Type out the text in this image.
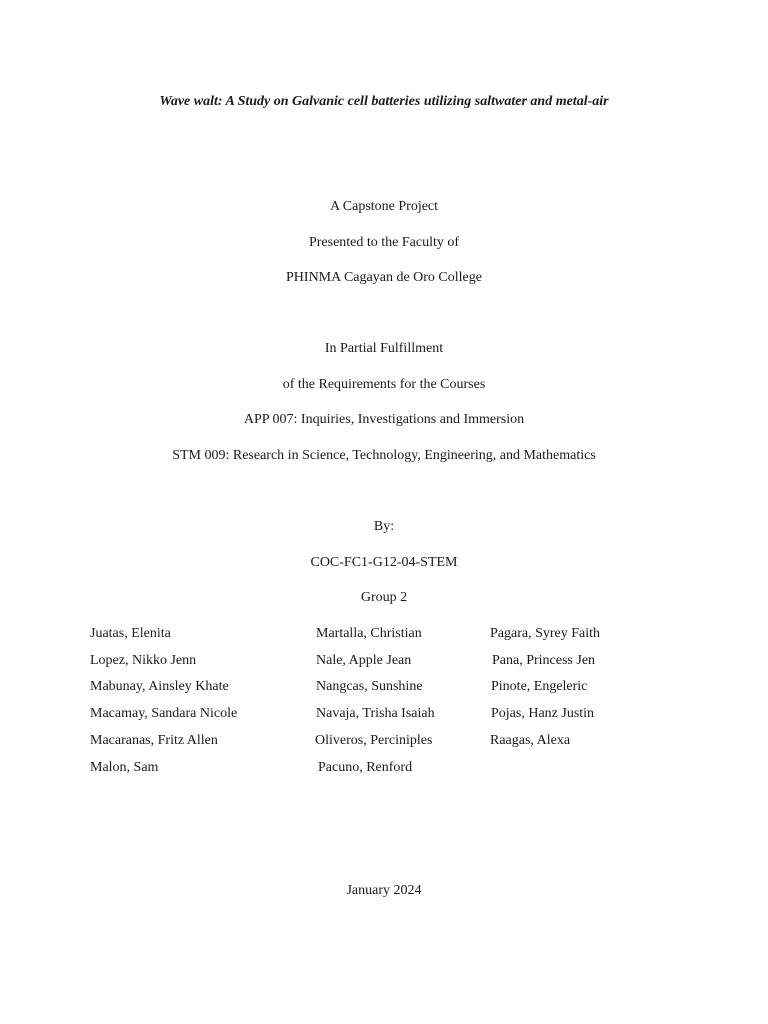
Wave walt: A Study on Galvanic cell batteries utilizing saltwater and metal-air
A Capstone Project
Presented to the Faculty of
PHINMA Cagayan de Oro College
In Partial Fulfillment
of the Requirements for the Courses
APP 007: Inquiries, Investigations and Immersion
STM 009: Research in Science, Technology, Engineering, and Mathematics
By:
COC-FC1-G12-04-STEM
Group 2
Juatas, Elenita
Lopez, Nikko Jenn
Mabunay, Ainsley Khate
Macamay, Sandara Nicole
Macaranas, Fritz Allen
Malon, Sam
Martalla, Christian
Nale, Apple Jean
Nangcas, Sunshine
Navaja, Trisha Isaiah
Oliveros, Perciniples
Pacuno, Renford
Pagara, Syrey Faith
Pana, Princess Jen
Pinote, Engeleric
Pojas, Hanz Justin
Raagas, Alexa
January 2024
